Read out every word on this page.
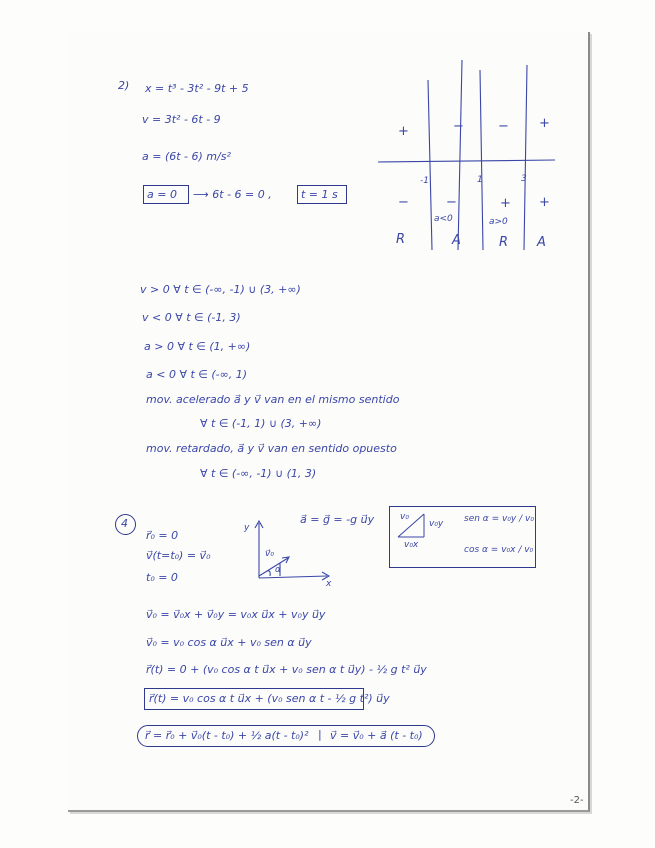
2) x = t³ - 3t² - 9t + 5
v = 3t² - 6t - 9
a = (6t - 6) m/s²
a = 0 ⟶ 6t - 6 = 0 ,	t = 1 s
+	−	− +
-1	1	3
−	−	+ +
a<0	a>0
R	A	R A
v > 0 ∀ t ∈ (-∞, -1) ∪ (3, +∞)
v < 0 ∀ t ∈ (-1, 3)
a > 0 ∀ t ∈ (1, +∞)
a < 0 ∀ t ∈ (-∞, 1)
mov. acelerado a⃗ y v⃗ van en el mismo sentido
∀ t ∈ (-1, 1) ∪ (3, +∞)
mov. retardado, a⃗ y v⃗ van en sentido opuesto
∀ t ∈ (-∞, -1) ∪ (1, 3)
4
r⃗₀ = 0
v⃗(t=t₀) = v⃗₀
t₀ = 0
y
x
v⃗₀
α
a⃗ = g⃗ = -g u⃗y	v₀
v₀y
v₀x
sen α = v₀y / v₀
cos α = v₀x / v₀
v⃗₀ = v⃗₀x + v⃗₀y = v₀x u⃗x + v₀y u⃗y
v⃗₀ = v₀ cos α u⃗x + v₀ sen α u⃗y
r⃗(t) = 0 + (v₀ cos α t u⃗x + v₀ sen α t u⃗y) - ½ g t² u⃗y
r⃗(t) = v₀ cos α t u⃗x + (v₀ sen α t - ½ g t²) u⃗y
r⃗ = r⃗₀ + v⃗₀(t - t₀) + ½ a(t - t₀)² | v⃗ = v⃗₀ + a⃗ (t - t₀)
-2-
